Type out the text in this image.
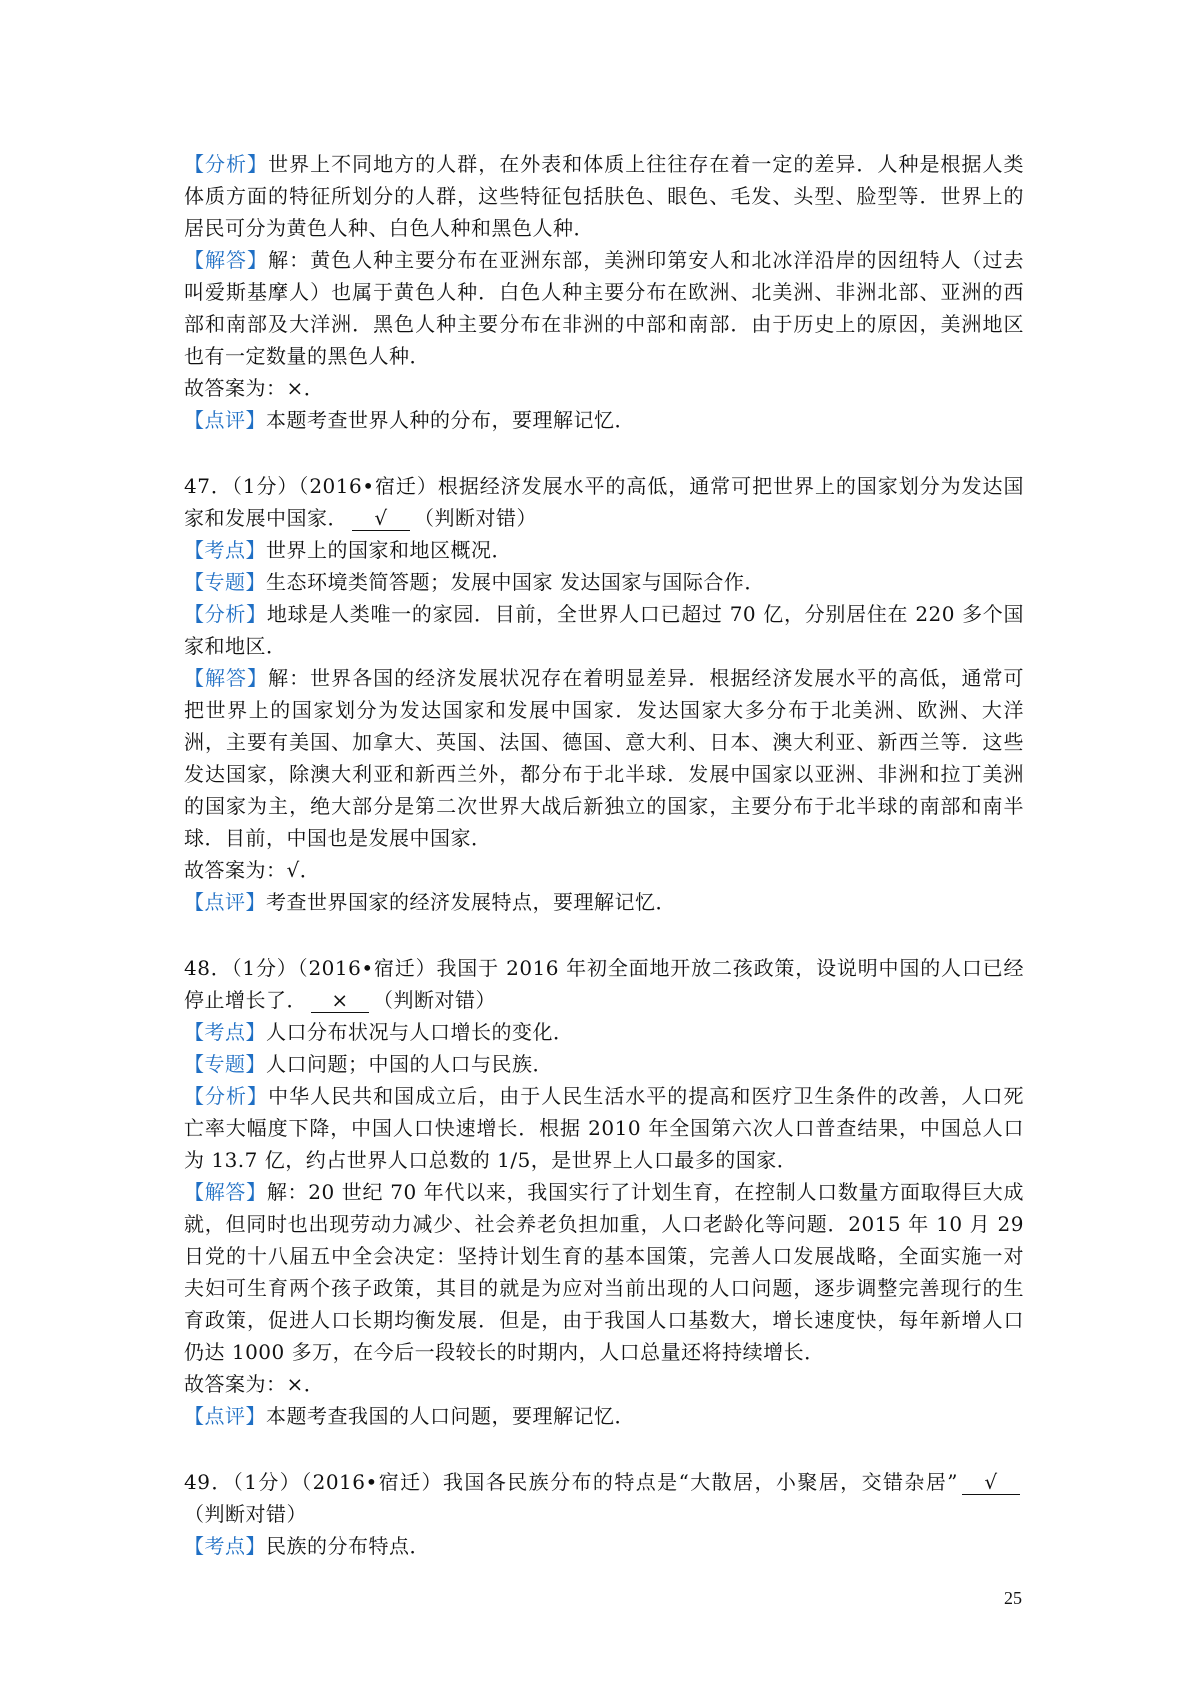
【分析】世界上不同地方的人群，在外表和体质上往往存在着一定的差异．人种是根据人类体质方面的特征所划分的人群，这些特征包括肤色、眼色、毛发、头型、脸型等．世界上的居民可分为黄色人种、白色人种和黑色人种．

【解答】解：黄色人种主要分布在亚洲东部，美洲印第安人和北冰洋沿岸的因纽特人（过去叫爱斯基摩人）也属于黄色人种．白色人种主要分布在欧洲、北美洲、非洲北部、亚洲的西部和南部及大洋洲．黑色人种主要分布在非洲的中部和南部．由于历史上的原因，美洲地区也有一定数量的黑色人种．

故答案为：×．

【点评】本题考查世界人种的分布，要理解记忆．

47．（1分）（2016•宿迁）根据经济发展水平的高低，通常可把世界上的国家划分为发达国家和发展中国家． √ （判断对错）

【考点】世界上的国家和地区概况．

【专题】生态环境类简答题；发展中国家 发达国家与国际合作．

【分析】地球是人类唯一的家园．目前，全世界人口已超过 70 亿，分别居住在 220 多个国家和地区．

【解答】解：世界各国的经济发展状况存在着明显差异．根据经济发展水平的高低，通常可把世界上的国家划分为发达国家和发展中国家．发达国家大多分布于北美洲、欧洲、大洋洲，主要有美国、加拿大、英国、法国、德国、意大利、日本、澳大利亚、新西兰等．这些发达国家，除澳大利亚和新西兰外，都分布于北半球．发展中国家以亚洲、非洲和拉丁美洲的国家为主，绝大部分是第二次世界大战后新独立的国家，主要分布于北半球的南部和南半球．目前，中国也是发展中国家．

故答案为：√．

【点评】考查世界国家的经济发展特点，要理解记忆．

48．（1分）（2016•宿迁）我国于 2016 年初全面地开放二孩政策，设说明中国的人口已经停止增长了． × （判断对错）

【考点】人口分布状况与人口增长的变化．

【专题】人口问题；中国的人口与民族．

【分析】中华人民共和国成立后，由于人民生活水平的提高和医疗卫生条件的改善，人口死亡率大幅度下降，中国人口快速增长．根据 2010 年全国第六次人口普查结果，中国总人口为 13.7 亿，约占世界人口总数的 1/5，是世界上人口最多的国家．

【解答】解：20 世纪 70 年代以来，我国实行了计划生育，在控制人口数量方面取得巨大成就，但同时也出现劳动力减少、社会养老负担加重，人口老龄化等问题．2015 年 10 月 29 日党的十八届五中全会决定：坚持计划生育的基本国策，完善人口发展战略，全面实施一对夫妇可生育两个孩子政策，其目的就是为应对当前出现的人口问题，逐步调整完善现行的生育政策，促进人口长期均衡发展．但是，由于我国人口基数大，增长速度快，每年新增人口仍达 1000 多万，在今后一段较长的时期内，人口总量还将持续增长．

故答案为：×．

【点评】本题考查我国的人口问题，要理解记忆．

49．（1分）（2016•宿迁）我国各民族分布的特点是“大散居，小聚居，交错杂居” √（判断对错）

【考点】民族的分布特点．

25
